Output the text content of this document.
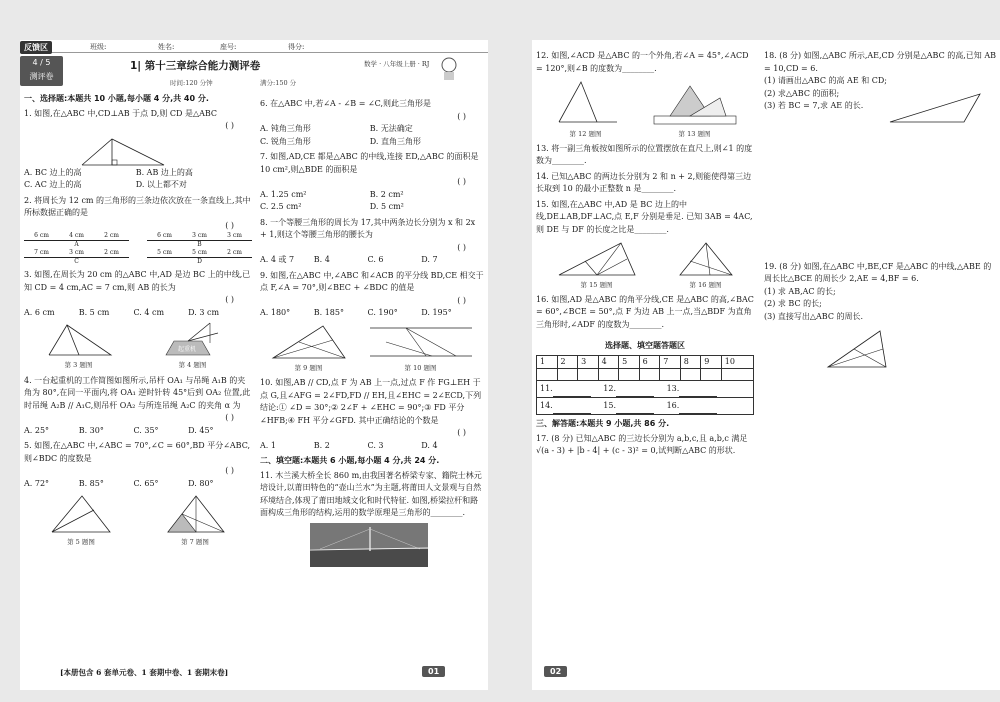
反馈区	班级:	姓名:	座号:	得分:
4 / 5
测评卷
1| 第十三章综合能力测评卷	数学 · 八年级上册 · RJ
时间:120 分钟	满分:150 分
一、选择题:本题共 10 小题,每小题 4 分,共 40 分.
1. 如图,在△ABC 中,CD⊥AB 于点 D,则 CD 是△ABC
( )
A. BC 边上的高	B. AB 边上的高
C. AC 边上的高	D. 以上都不对
2. 将周长为 12 cm 的三角形的三条边依次放在一条直线上,其中所标数据正确的是
( )
6 cm	4 cm	2 cm
A
7 cm	3 cm	2 cm
C
6 cm	3 cm	3 cm
B
5 cm	5 cm	2 cm
D
3. 如图,在周长为 20 cm 的△ABC 中,AD 是边 BC 上的中线,已知 CD = 4 cm,AC = 7 cm,则 AB 的长为
( )
A. 6 cm	B. 5 cm	C. 4 cm	D. 3 cm
第 3 题图
起重机
第 4 题图
4. 一台起重机的工作简图如图所示,吊杆 OA₁ 与吊绳 A₁B 的夹角为 80°,在同一平面内,将 OA₁ 逆时针转 45°后到 OA₂ 位置,此时吊绳 A₂B // A₁C,则吊杆 OA₂ 与所连吊绳 A₂C 的夹角 α 为
( )
A. 25°	B. 30°	C. 35°	D. 45°
5. 如图,在△ABC 中,∠ABC = 70°,∠C = 60°,BD 平分∠ABC,则∠BDC 的度数是
( )
A. 72°	B. 85°	C. 65°	D. 80°
第 5 题图	第 7 题图
6. 在△ABC 中,若∠A - ∠B = ∠C,则此三角形是
( )
A. 钝角三角形	B. 无法确定
C. 锐角三角形	D. 直角三角形
7. 如图,AD,CE 都是△ABC 的中线,连接 ED,△ABC 的面积是 10 cm²,则△BDE 的面积是
( )
A. 1.25 cm²	B. 2 cm²
C. 2.5 cm²	D. 5 cm²
8. 一个等腰三角形的周长为 17,其中两条边长分别为 x 和 2x + 1,则这个等腰三角形的腰长为
( )
A. 4 或 7	B. 4	C. 6	D. 7
9. 如图,在△ABC 中,∠ABC 和∠ACB 的平分线 BD,CE 相交于点 F,∠A = 70°,则∠BEC + ∠BDC 的值是
( )
A. 180°	B. 185°	C. 190°	D. 195°
第 9 题图	第 10 题图
10. 如图,AB // CD,点 F 为 AB 上一点,过点 F 作 FG⊥EH 于点 G,且∠AFG = 2∠FD,FD // EH,且∠EHC = 2∠ECD,下列结论:① ∠D = 30°;② 2∠F + ∠EHC = 90°;③ FD 平分∠HFB;④ FH 平分∠GFD. 其中正确结论的个数是
( )
A. 1	B. 2	C. 3	D. 4
二、填空题:本题共 6 小题,每小题 4 分,共 24 分.
11. 木兰溪大桥全长 860 m,由我国著名桥梁专家、籍院士林元培设计,以莆田特色的“壶山兰水”为主题,将莆田人文景观与自然环境结合,体现了莆田地域文化和时代特征. 如图,桥梁拉杆和路面构成三角形的结构,运用的数学原理是三角形的________.
[本册包含 6 套单元卷、1 套期中卷、1 套期末卷]	01
12. 如图,∠ACD 是△ABC 的一个外角,若∠A = 45°,∠ACD = 120°,则∠B 的度数为________.
第 12 题图	第 13 题图
13. 将一副三角板按如图所示的位置摆放在直尺上,则∠1 的度数为________.
14. 已知△ABC 的两边长分别为 2 和 n + 2,则能使得第三边长取到 10 的最小正整数 n 是________.
15. 如图,在△ABC 中,AD 是 BC 边上的中线,DE⊥AB,DF⊥AC,点 E,F 分别是垂足. 已知 3AB = 4AC,则 DE 与 DF 的长度之比是________.
第 15 题图	第 16 题图
16. 如图,AD 是△ABC 的角平分线,CE 是△ABC 的高,∠BAC = 60°,∠BCE = 50°,点 F 为边 AB 上一点,当△BDF 为直角三角形时,∠ADF 的度数为________.
选择题、填空题答题区
1	2	3	4	5	6	7	8	9	10

11. 12. 13.									
14. 15. 16.									
三、解答题:本题共 9 小题,共 86 分.
17. (8 分) 已知△ABC 的三边长分别为 a,b,c,且 a,b,c 满足 √(a - 3) + |b - 4| + (c - 3)² = 0,试判断△ABC 的形状.
18. (8 分) 如图,△ABC 所示,AE,CD 分别是△ABC 的高,已知 AB = 10,CD = 6.
(1) 请画出△ABC 的高 AE 和 CD;
(2) 求△ABC 的面积;
(3) 若 BC = 7,求 AE 的长.
19. (8 分) 如图,在△ABC 中,BE,CF 是△ABC 的中线,△ABE 的周长比△BCE 的周长少 2,AE = 4,BF = 6.
(1) 求 AB,AC 的长;
(2) 求 BC 的长;
(3) 直接写出△ABC 的周长.
02
